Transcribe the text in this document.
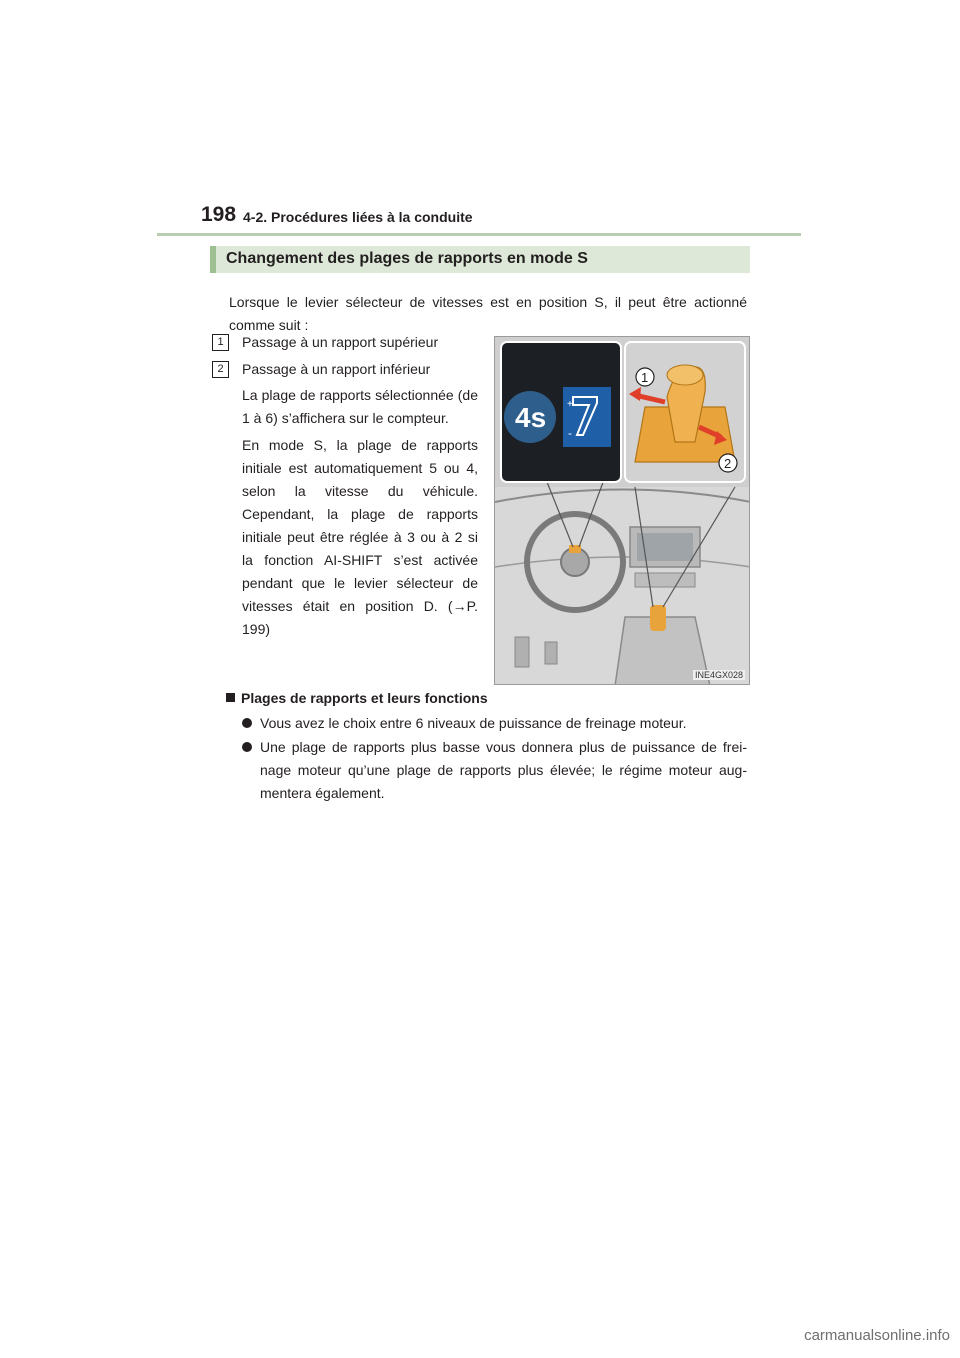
198 4-2. Procédures liées à la conduite
Changement des plages de rapports en mode S
Lorsque le levier sélecteur de vitesses est en position S, il peut être actionné comme suit :
1	Passage à un rapport supérieur
2	Passage à un rapport inférieur
La plage de rapports sélectionnée (de 1 à 6) s’affichera sur le compteur.
En mode S, la plage de rapports initiale est automatiquement 5 ou 4, selon la vitesse du véhicule. Cependant, la plage de rapports initiale peut être réglée à 3 ou à 2 si la fonction AI-SHIFT s’est activée pendant que le levier sélecteur de vitesses était en position D. (→P. 199)
4s +
-
1
2
INE4GX028
Plages de rapports et leurs fonctions
Vous avez le choix entre 6 niveaux de puissance de freinage moteur.
Une plage de rapports plus basse vous donnera plus de puissance de frei-nage moteur qu’une plage de rapports plus élevée; le régime moteur aug-mentera également.
carmanualsonline.info
